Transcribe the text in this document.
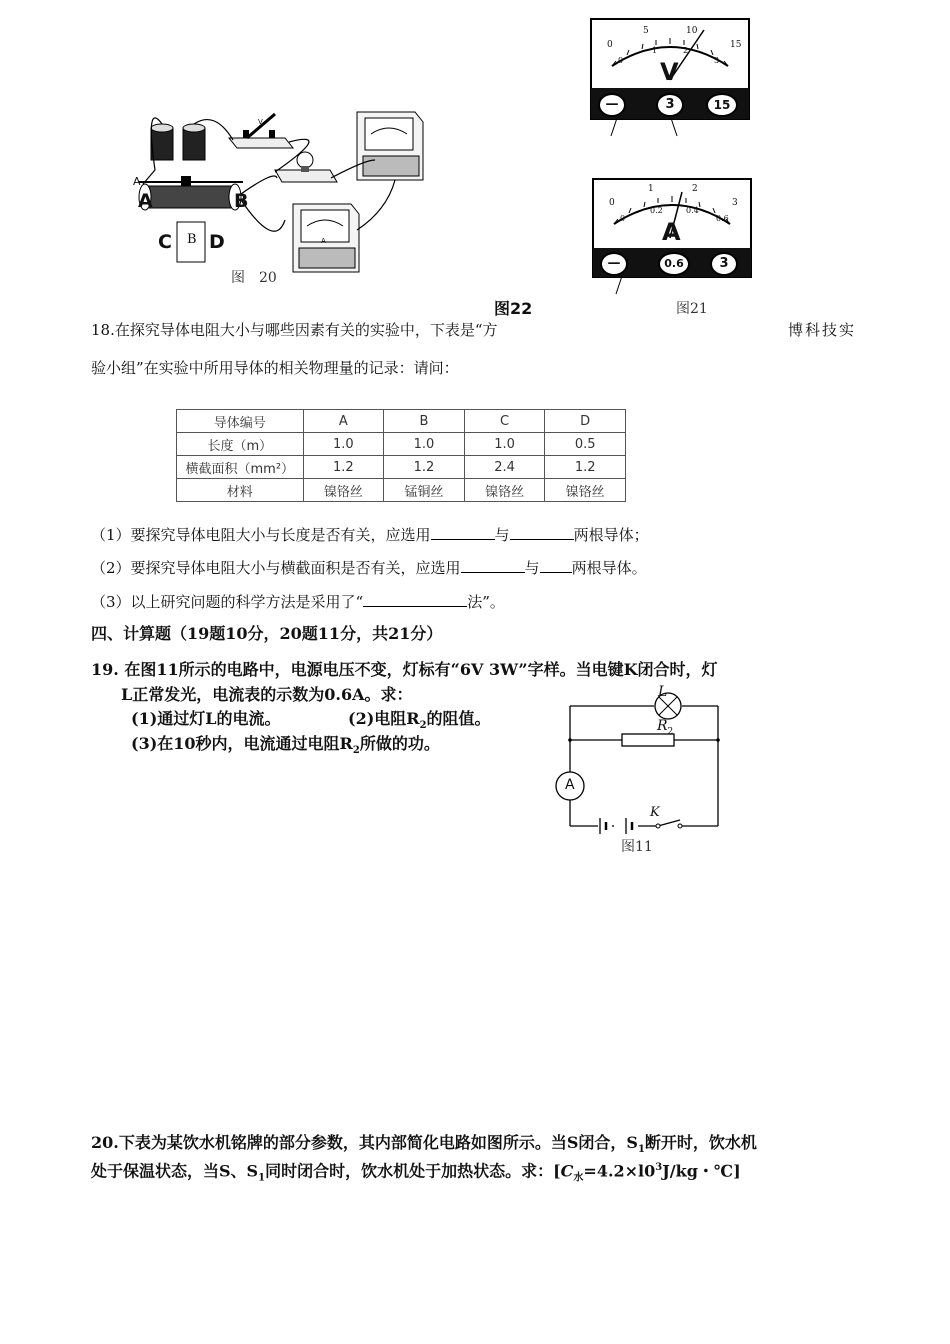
A
A	B
C D
B
V
A
图　20
0
5	10
15
0
1	2
3
V
—	3	15
0
1	2
3
0
0.2	0.4
0.6
A
—	0.6	3
图22	图21
18.在探究导体电阻大小与哪些因素有关的实验中，下表是“方	博科技实
验小组”在实验中所用导体的相关物理量的记录：请问：
导体编号	A	B	C	D
长度（m）	1.0	1.0	1.0	0.5
横截面积（mm²）	1.2	1.2	2.4	1.2
材料	镍铬丝	锰铜丝	镍铬丝	镍铬丝
（1）要探究导体电阻大小与长度是否有关，应选用	与	两根导体；
（2）要探究导体电阻大小与横截面积是否有关，应选用	与 两根导体。
（3）以上研究问题的科学方法是采用了“	法”。
四、计算题（19题10分，20题11分，共21分）
19. 在图11所示的电路中，电源电压不变，灯标有“6V 3W”字样。当电键K闭合时，灯
L正常发光，电流表的示数为0.6A。求：
(1)通过灯L的电流。	(2)电阻$R_2$的阻值。
(3)在10秒内，电流通过电阻$R_2$所做的功。
L
$R_2$
A
K
图11
20.下表为某饮水机铭牌的部分参数，其内部简化电路如图所示。当S闭合，$S_1$断开时，饮水机
处于保温状态，当S、$S_1$同时闭合时，饮水机处于加热状态。求：[$C_水=4.2\times l0^3J/kg$・℃]
